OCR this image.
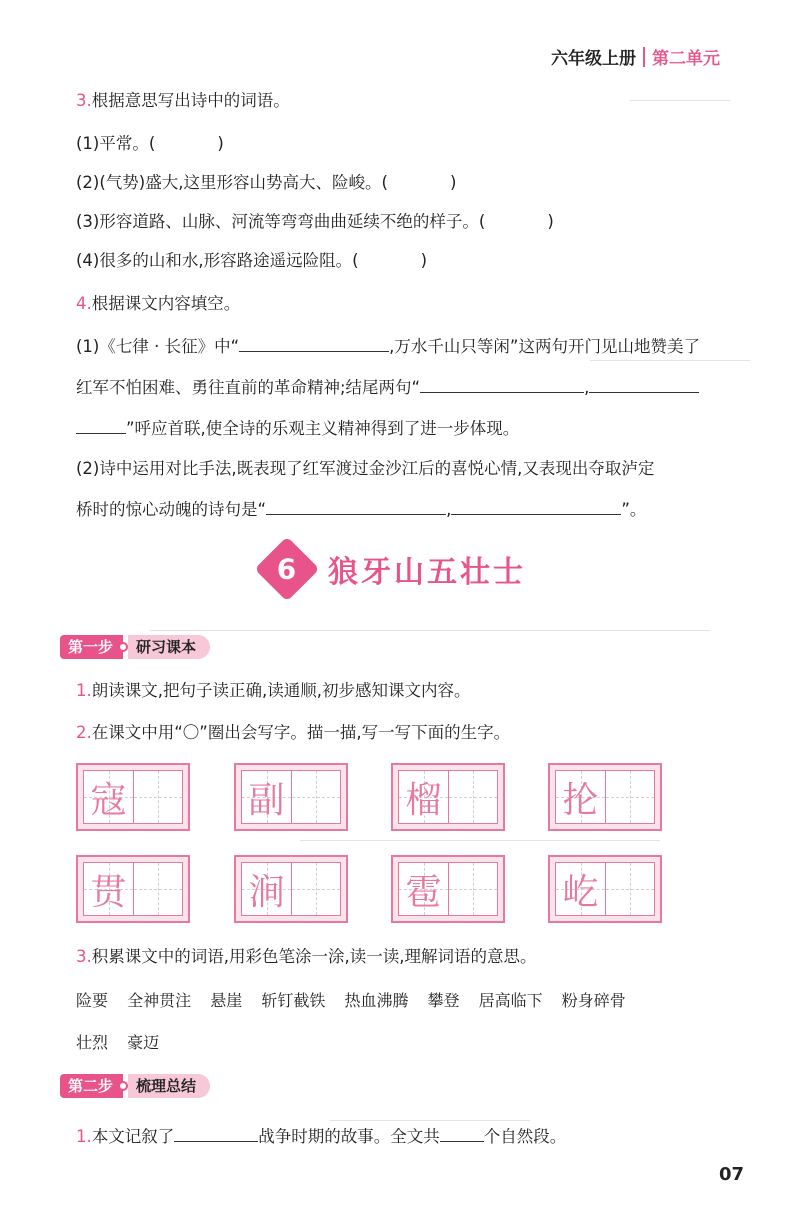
六年级上册 第二单元
3.根据意思写出诗中的词语。
(1)平常。(	)
(2)(气势)盛大,这里形容山势高大、险峻。(	)
(3)形容道路、山脉、河流等弯弯曲曲延续不绝的样子。(	)
(4)很多的山和水,形容路途遥远险阻。(	)
4.根据课文内容填空。
(1)《七律 · 长征》中“	,万水千山只等闲”这两句开门见山地赞美了
红军不怕困难、勇往直前的革命精神;结尾两句“	,
”呼应首联,使全诗的乐观主义精神得到了进一步体现。
(2)诗中运用对比手法,既表现了红军渡过金沙江后的喜悦心情,又表现出夺取泸定
桥时的惊心动魄的诗句是“	,	”。
6 狼牙山五壮士
第一步	研习课本
1.朗读课文,把句子读正确,读通顺,初步感知课文内容。
2.在课文中用“〇”圈出会写字。描一描,写一写下面的生字。
寇	副	榴	抡
贯	涧	雹	屹
3.积累课文中的词语,用彩色笔涂一涂,读一读,理解词语的意思。
险要 全神贯注 悬崖 斩钉截铁 热血沸腾 攀登 居高临下 粉身碎骨
壮烈 豪迈
第二步	梳理总结
1.本文记叙了	战争时期的故事。全文共	个自然段。
07
